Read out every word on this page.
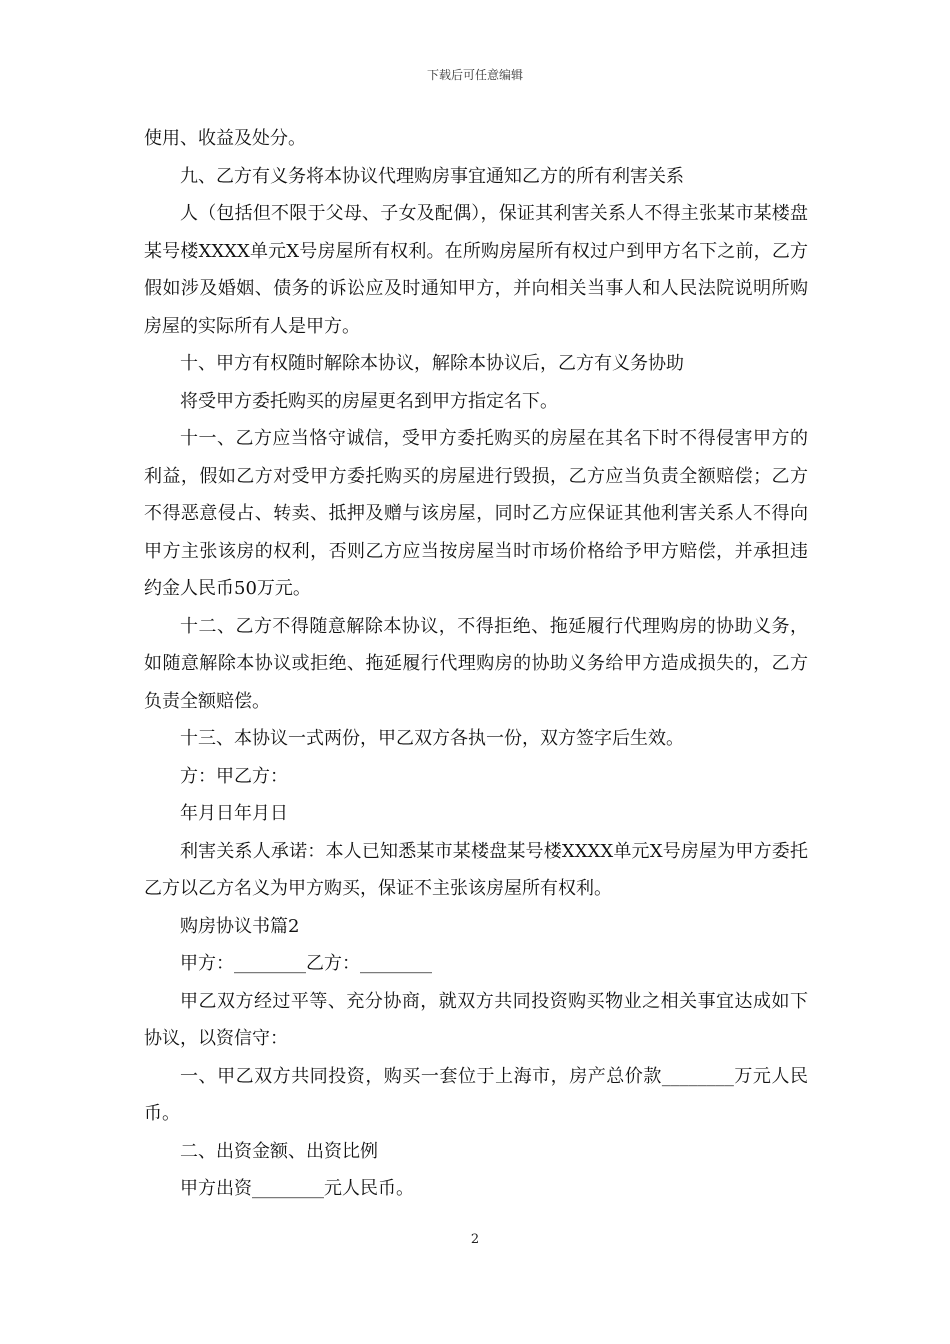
下载后可任意编辑

使用、收益及处分。

九、乙方有义务将本协议代理购房事宜通知乙方的所有利害关系

人（包括但不限于父母、子女及配偶），保证其利害关系人不得主张某市某楼盘某号楼XXXX单元X号房屋所有权利。在所购房屋所有权过户到甲方名下之前，乙方假如涉及婚姻、债务的诉讼应及时通知甲方，并向相关当事人和人民法院说明所购房屋的实际所有人是甲方。

十、甲方有权随时解除本协议，解除本协议后，乙方有义务协助

将受甲方委托购买的房屋更名到甲方指定名下。

十一、乙方应当恪守诚信，受甲方委托购买的房屋在其名下时不得侵害甲方的利益，假如乙方对受甲方委托购买的房屋进行毁损，乙方应当负责全额赔偿；乙方不得恶意侵占、转卖、抵押及赠与该房屋，同时乙方应保证其他利害关系人不得向甲方主张该房的权利，否则乙方应当按房屋当时市场价格给予甲方赔偿，并承担违约金人民币50万元。

十二、乙方不得随意解除本协议，不得拒绝、拖延履行代理购房的协助义务，如随意解除本协议或拒绝、拖延履行代理购房的协助义务给甲方造成损失的，乙方负责全额赔偿。

十三、本协议一式两份，甲乙双方各执一份，双方签字后生效。

方：甲乙方：

年月日年月日

利害关系人承诺：本人已知悉某市某楼盘某号楼XXXX单元X号房屋为甲方委托乙方以乙方名义为甲方购买，保证不主张该房屋所有权利。

购房协议书篇2

甲方：________乙方：________

甲乙双方经过平等、充分协商，就双方共同投资购买物业之相关事宜达成如下协议，以资信守：

一、甲乙双方共同投资，购买一套位于上海市，房产总价款________万元人民币。

二、出资金额、出资比例

甲方出资________元人民币。

2
